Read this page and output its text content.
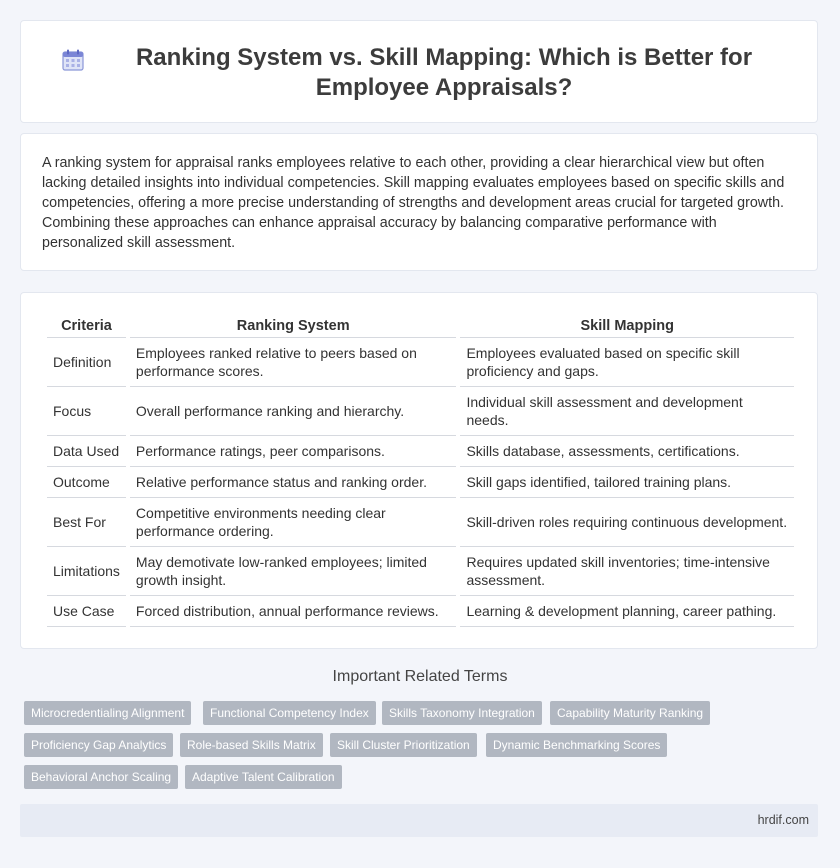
Ranking System vs. Skill Mapping: Which is Better for Employee Appraisals?
A ranking system for appraisal ranks employees relative to each other, providing a clear hierarchical view but often lacking detailed insights into individual competencies. Skill mapping evaluates employees based on specific skills and competencies, offering a more precise understanding of strengths and development areas crucial for targeted growth. Combining these approaches can enhance appraisal accuracy by balancing comparative performance with personalized skill assessment.
Criteria	Ranking System	Skill Mapping
Definition	Employees ranked relative to peers based on performance scores.	Employees evaluated based on specific skill proficiency and gaps.
Focus	Overall performance ranking and hierarchy.	Individual skill assessment and development needs.
Data Used	Performance ratings, peer comparisons.	Skills database, assessments, certifications.
Outcome	Relative performance status and ranking order.	Skill gaps identified, tailored training plans.
Best For	Competitive environments needing clear performance ordering.	Skill-driven roles requiring continuous development.
Limitations	May demotivate low-ranked employees; limited growth insight.	Requires updated skill inventories; time-intensive assessment.
Use Case	Forced distribution, annual performance reviews.	Learning & development planning, career pathing.
Important Related Terms
Microcredentialing Alignment	Functional Competency Index	Skills Taxonomy Integration	Capability Maturity Ranking
Proficiency Gap Analytics	Role-based Skills Matrix	Skill Cluster Prioritization	Dynamic Benchmarking Scores
Behavioral Anchor Scaling	Adaptive Talent Calibration
hrdif.com
